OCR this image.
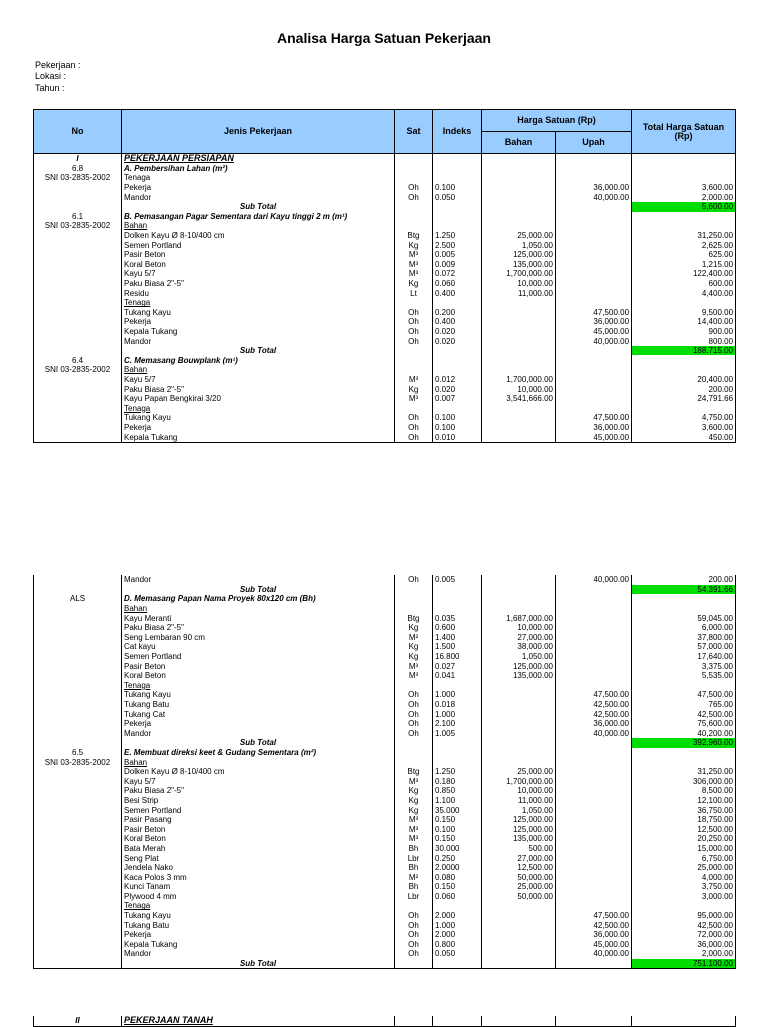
Analisa Harga Satuan Pekerjaan
Pekerjaan :
Lokasi :
Tahun :
No	Jenis Pekerjaan	Sat	Indeks	Harga Satuan (Rp)		Total Harga Satuan (Rp)
				Bahan	Upah	
I	PEKERJAAN PERSIAPAN					
6.8	A. Pembersihan Lahan (m²)					
SNI 03-2835-2002	Tenaga					
	Pekerja	Oh	0.100		36,000.00	3,600.00
	Mandor	Oh	0.050		40,000.00	2,000.00
	Sub Total					5,600.00
6.1	B. Pemasangan Pagar Sementara dari Kayu tinggi 2 m (m¹)					
SNI 03-2835-2002	Bahan					
	Dolken Kayu Ø 8-10/400 cm	Btg	1.250	25,000.00		31,250.00
	Semen Portland	Kg	2.500	1,050.00		2,625.00
	Pasir Beton	M³	0.005	125,000.00		625.00
	Koral Beton	M³	0.009	135,000.00		1,215.00
	Kayu 5/7	M³	0.072	1,700,000.00		122,400.00
	Paku Biasa 2"-5"	Kg	0.060	10,000.00		600.00
	Residu	Lt	0.400	11,000.00		4,400.00
	Tenaga					
	Tukang Kayu	Oh	0.200		47,500.00	9,500.00
	Pekerja	Oh	0.400		36,000.00	14,400.00
	Kepala Tukang	Oh	0.020		45,000.00	900.00
	Mandor	Oh	0.020		40,000.00	800.00
	Sub Total					188,715.00
6.4	C. Memasang Bouwplank (m¹)					
SNI 03-2835-2002	Bahan					
	Kayu 5/7	M³	0.012	1,700,000.00		20,400.00
	Paku Biasa 2"-5"	Kg	0.020	10,000.00		200.00
	Kayu Papan Bengkirai 3/20	M³	0.007	3,541,666.00		24,791.66
	Tenaga					
	Tukang Kayu	Oh	0.100		47,500.00	4,750.00
	Pekerja	Oh	0.100		36,000.00	3,600.00
	Kepala Tukang	Oh	0.010		45,000.00	450.00
	Mandor	Oh	0.005		40,000.00	200.00
	Sub Total					54,391.66
ALS	D. Memasang Papan Nama Proyek 80x120 cm (Bh)					
	Bahan					
	Kayu Meranti	Btg	0.035	1,687,000.00		59,045.00
	Paku Biasa 2"-5"	Kg	0.600	10,000.00		6,000.00
	Seng Lembaran 90 cm	M²	1.400	27,000.00		37,800.00
	Cat kayu	Kg	1.500	38,000.00		57,000.00
	Semen Portland	Kg	16.800	1,050.00		17,640.00
	Pasir Beton	M³	0.027	125,000.00		3,375.00
	Koral Beton	M³	0.041	135,000.00		5,535.00
	Tenaga					
	Tukang Kayu	Oh	1.000		47,500.00	47,500.00
	Tukang Batu	Oh	0.018		42,500.00	765.00
	Tukang Cat	Oh	1.000		42,500.00	42,500.00
	Pekerja	Oh	2.100		36,000.00	75,600.00
	Mandor	Oh	1.005		40,000.00	40,200.00
	Sub Total					392,960.00
6.5	E. Membuat direksi keet & Gudang Sementara (m²)					
SNI 03-2835-2002	Bahan					
	Dolken Kayu Ø 8-10/400 cm	Btg	1.250	25,000.00		31,250.00
	Kayu 5/7	M³	0.180	1,700,000.00		306,000.00
	Paku Biasa 2"-5"	Kg	0.850	10,000.00		8,500.00
	Besi Strip	Kg	1.100	11,000.00		12,100.00
	Semen Portland	Kg	35.000	1,050.00		36,750.00
	Pasir Pasang	M³	0.150	125,000.00		18,750.00
	Pasir Beton	M³	0.100	125,000.00		12,500.00
	Koral Beton	M³	0.150	135,000.00		20,250.00
	Bata Merah	Bh	30.000	500.00		15,000.00
	Seng Plat	Lbr	0.250	27,000.00		6,750.00
	Jendela Nako	Bh	2.0000	12,500.00		25,000.00
	Kaca Polos 3 mm	M²	0.080	50,000.00		4,000.00
	Kunci Tanam	Bh	0.150	25,000.00		3,750.00
	Plywood 4 mm	Lbr	0.060	50,000.00		3,000.00
	Tenaga					
	Tukang Kayu	Oh	2.000		47,500.00	95,000.00
	Tukang Batu	Oh	1.000		42,500.00	42,500.00
	Pekerja	Oh	2.000		36,000.00	72,000.00
	Kepala Tukang	Oh	0.800		45,000.00	36,000.00
	Mandor	Oh	0.050		40,000.00	2,000.00
	Sub Total					751,100.00
II	PEKERJAAN TANAH					
